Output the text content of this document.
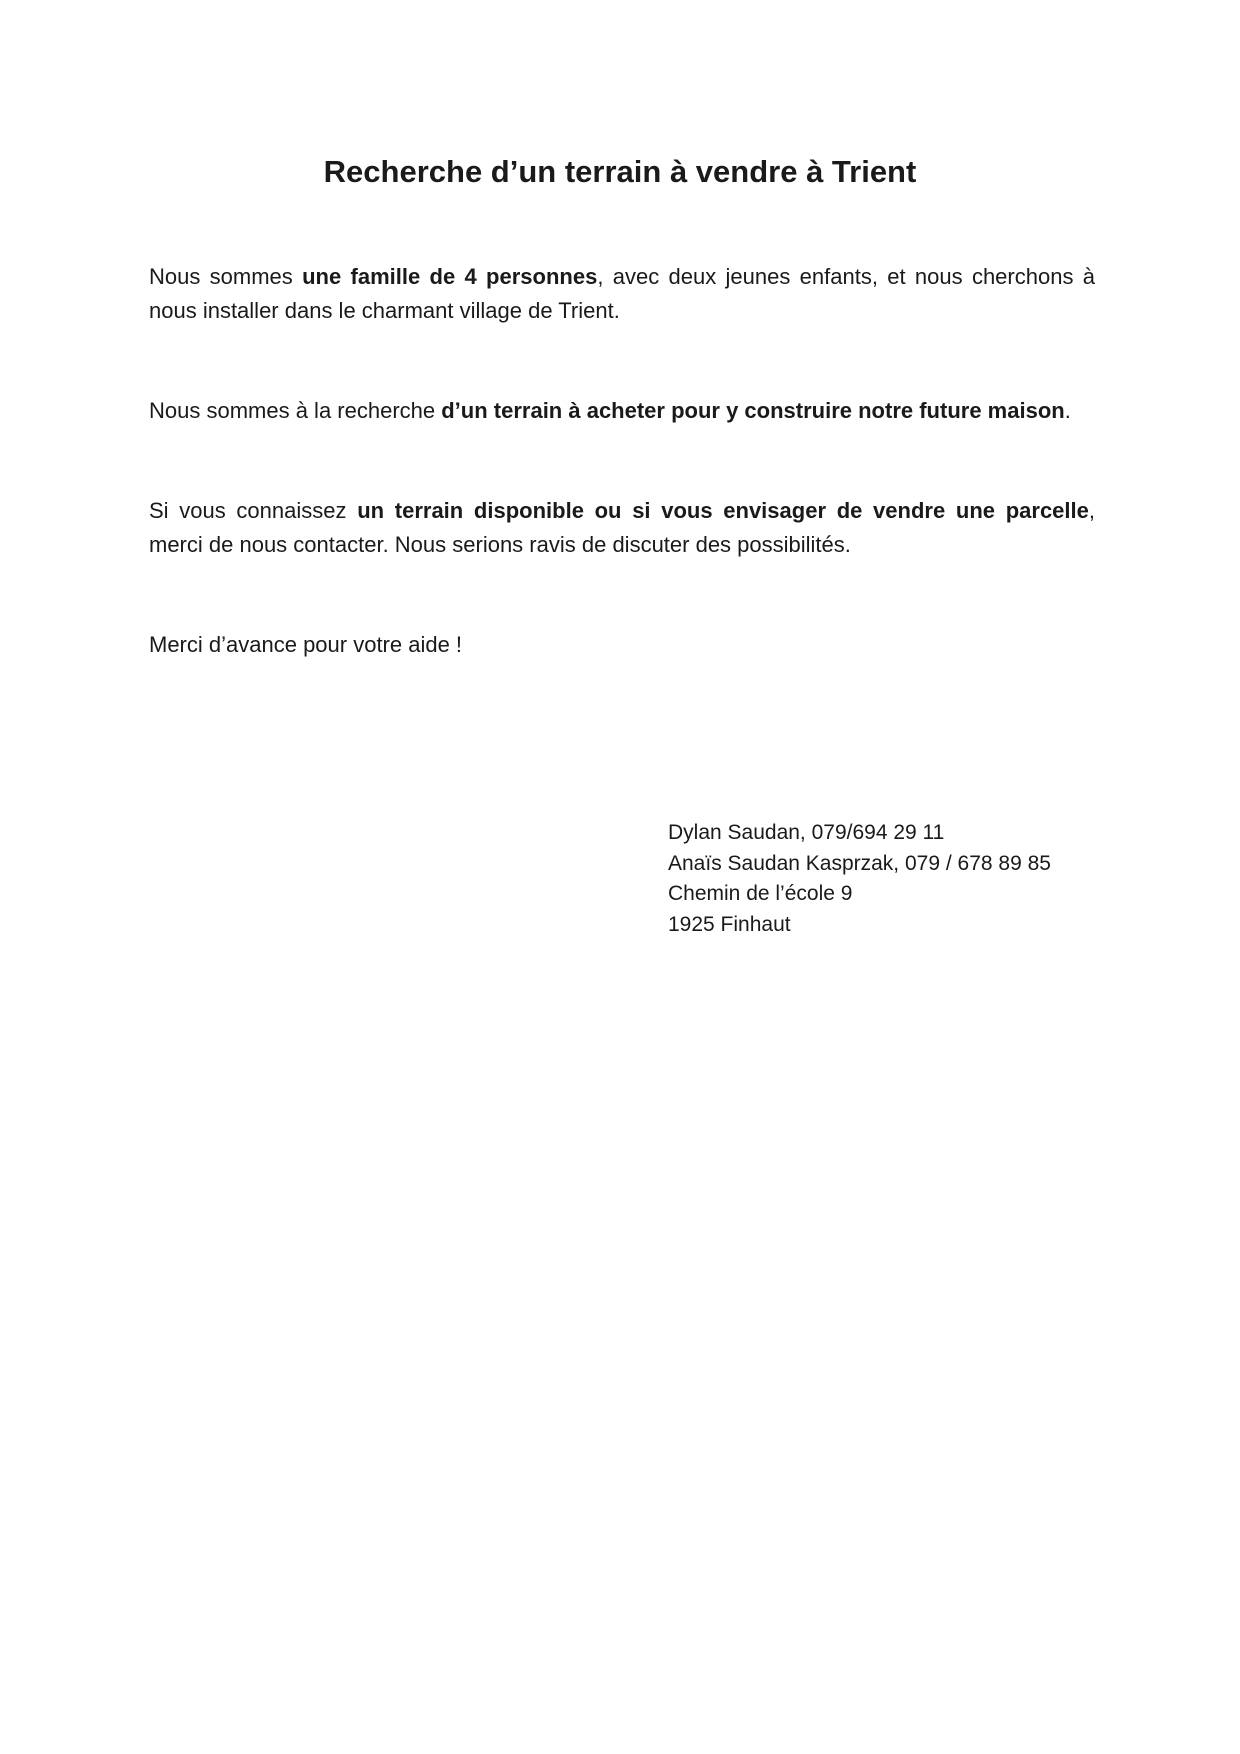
Recherche d’un terrain à vendre à Trient

Nous sommes une famille de 4 personnes, avec deux jeunes enfants, et nous cherchons à nous installer dans le charmant village de Trient.

Nous sommes à la recherche d’un terrain à acheter pour y construire notre future maison.

Si vous connaissez un terrain disponible ou si vous envisager de vendre une parcelle, merci de nous contacter. Nous serions ravis de discuter des possibilités.

Merci d’avance pour votre aide !

Dylan Saudan, 079/694 29 11
Anaïs Saudan Kasprzak, 079 / 678 89 85
Chemin de l’école 9
1925 Finhaut
